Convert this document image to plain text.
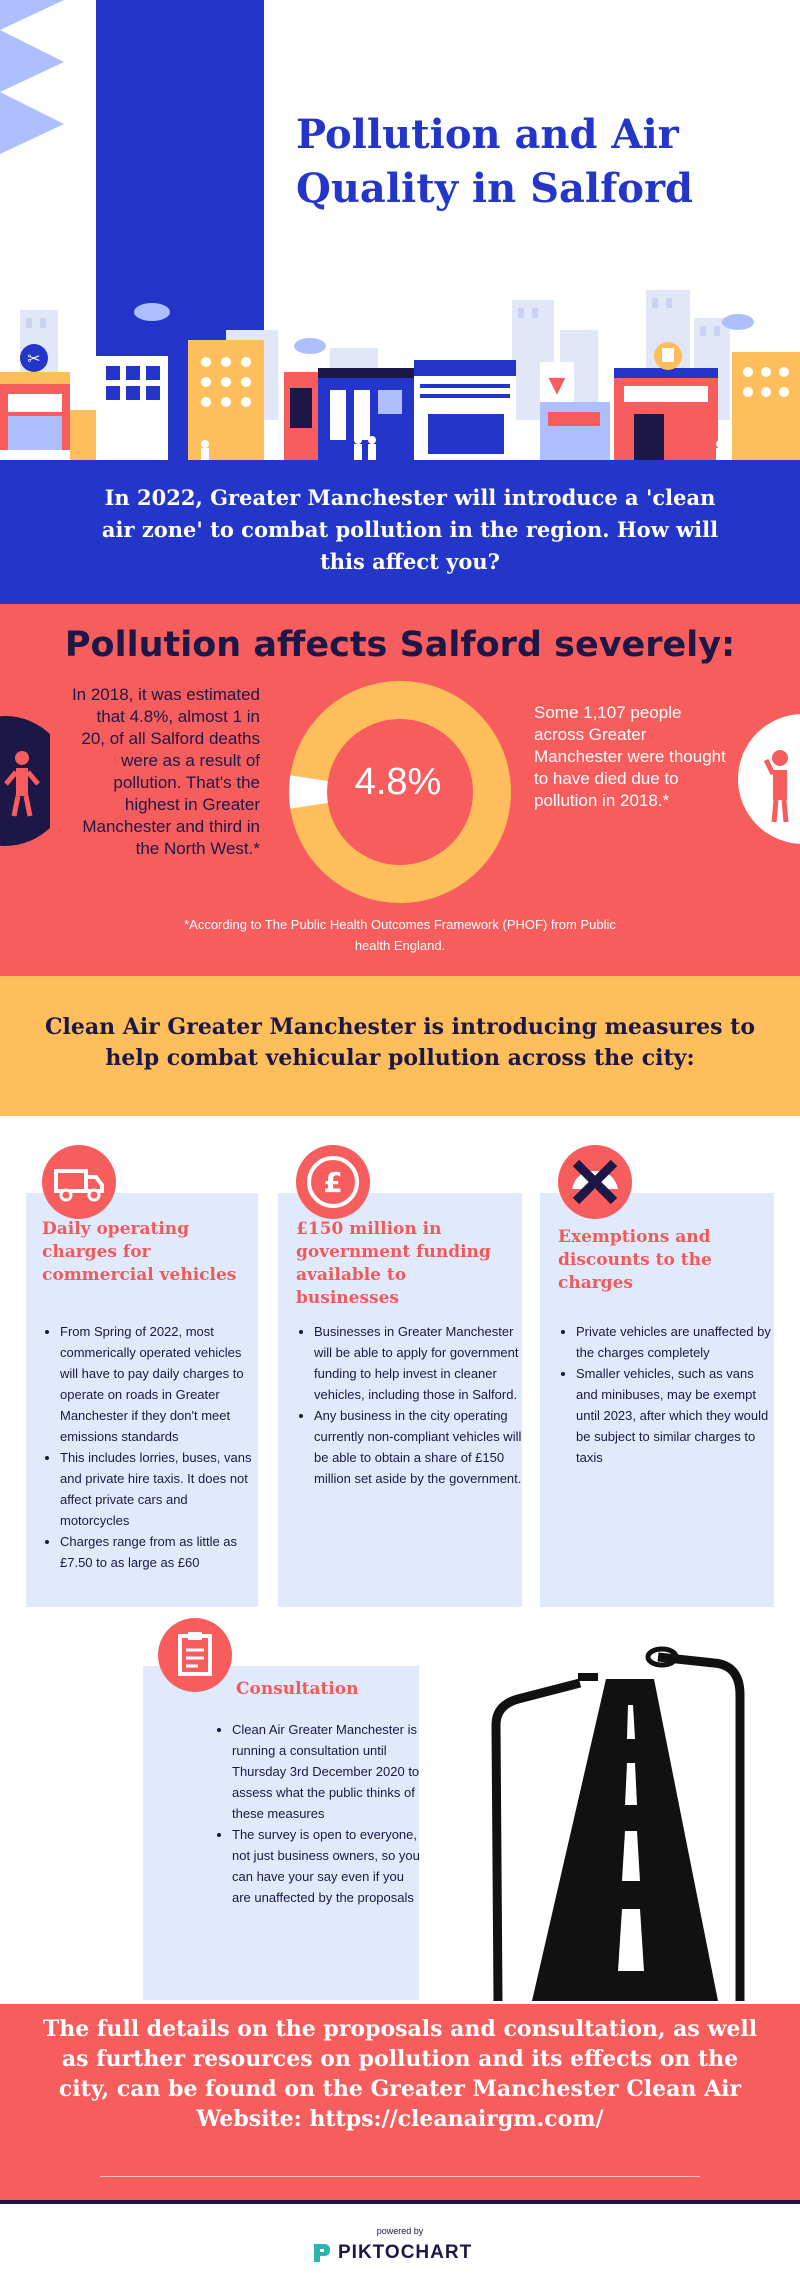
✂
▼
Pollution and Air Quality in Salford

In 2022, Greater Manchester will introduce a 'clean air zone' to combat pollution in the region. How will this affect you?

Pollution affects Salford severely:

In 2018, it was estimated that 4.8%, almost 1 in 20, of all Salford deaths were as a result of pollution. That's the highest in Greater Manchester and third in the North West.*

4.8%

Some 1,107 people across Greater Manchester were thought to have died due to pollution in 2018.*

*According to The Public Health Outcomes Framework (PHOF) from Public health England.

Clean Air Greater Manchester is introducing measures to help combat vehicular pollution across the city:
Daily operating charges for commercial vehicles
• From Spring of 2022, most commerically operated vehicles will have to pay daily charges to operate on roads in Greater Manchester if they don't meet emissions standards
• This includes lorries, buses, vans and private hire taxis. It does not affect private cars and motorcycles
• Charges range from as little as £7.50 to as large as £60
£
£150 million in government funding available to businesses
• Businesses in Greater Manchester will be able to apply for government funding to help invest in cleaner vehicles, including those in Salford.
• Any business in the city operating currently non-compliant vehicles will be able to obtain a share of £150 million set aside by the government.
Exemptions and discounts to the charges
• Private vehicles are unaffected by the charges completely
• Smaller vehicles, such as vans and minibuses, may be exempt until 2023, after which they would be subject to similar charges to taxis
Consultation
• Clean Air Greater Manchester is running a consultation until Thursday 3rd December 2020 to assess what the public thinks of these measures
• The survey is open to everyone, not just business owners, so you can have your say even if you are unaffected by the proposals

The full details on the proposals and consultation, as well as further resources on pollution and its effects on the city, can be found on the Greater Manchester Clean Air Website: https://cleanairgm.com/

powered by
PIKTOCHART
